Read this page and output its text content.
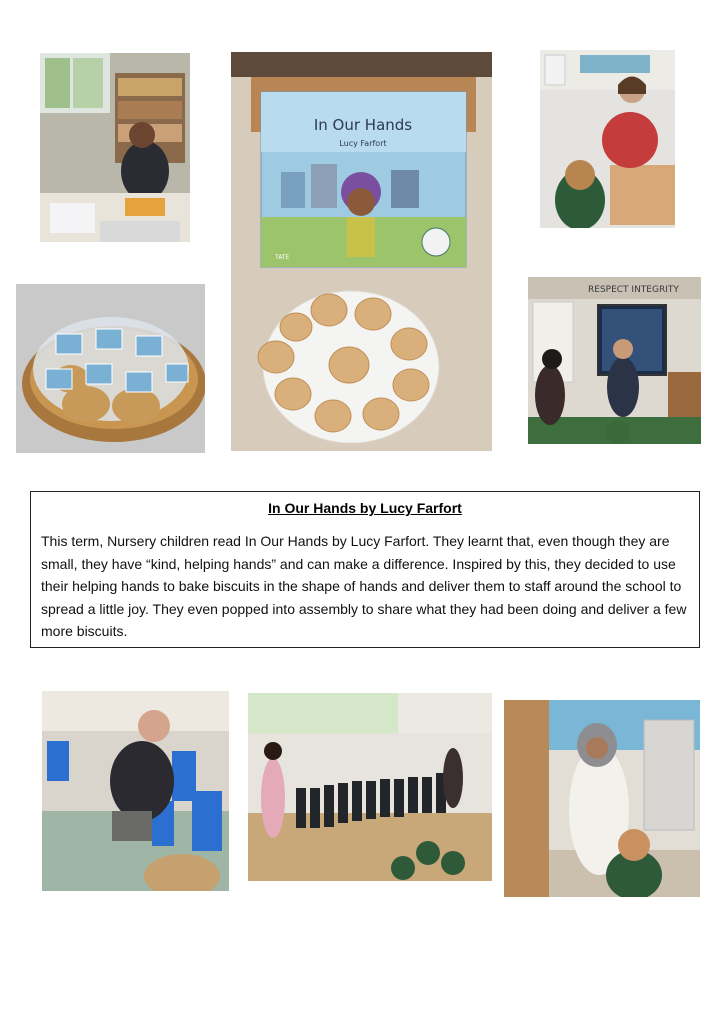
In Our Hands
Lucy Farfort
TATE
RESPECT INTEGRITY
In Our Hands by Lucy Farfort

This term, Nursery children read In Our Hands by Lucy Farfort. They learnt that, even though they are small, they have “kind, helping hands” and can make a difference. Inspired by this, they decided to use their helping hands to bake biscuits in the shape of hands and deliver them to staff around the school to spread a little joy. They even popped into assembly to share what they had been doing and deliver a few more biscuits.
